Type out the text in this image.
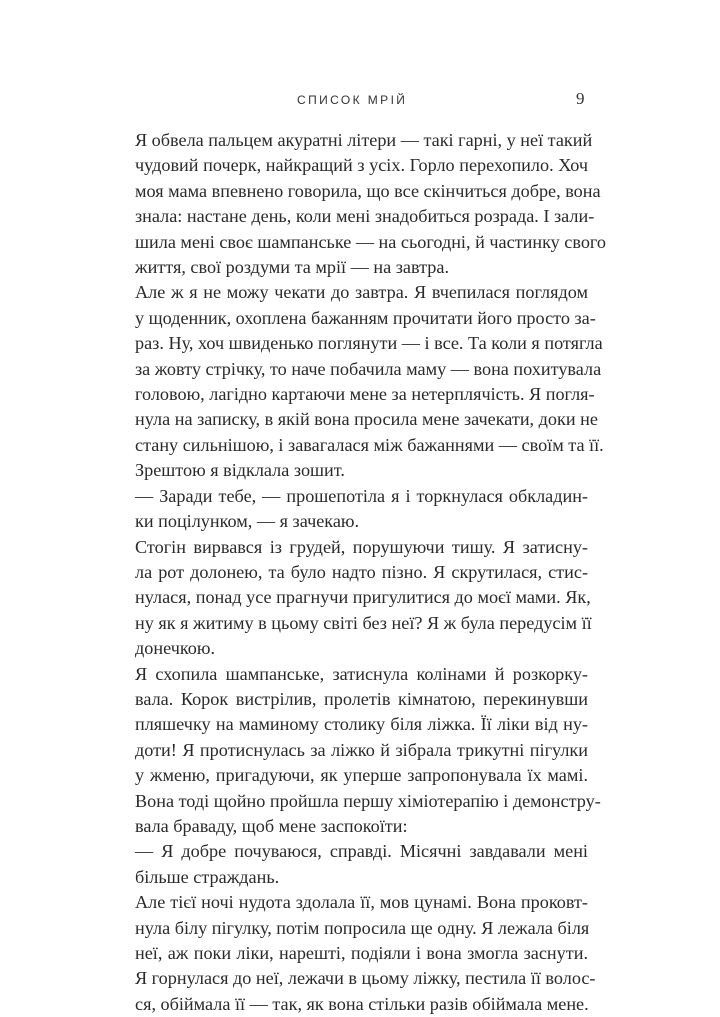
СПИСОК МРІЙ	9
Я обвела пальцем акуратні літери — такі гарні, у неї такий
чудовий почерк, найкращий з усіх. Горло перехопило. Хоч
моя мама впевнено говорила, що все скінчиться добре, вона
знала: настане день, коли мені знадобиться розрада. І зали-
шила мені своє шампанське — на сьогодні, й частинку свого
життя, свої роздуми та мрії — на завтра.
Але ж я не можу чекати до завтра. Я вчепилася поглядом
у щоденник, охоплена бажанням прочитати його просто за-
раз. Ну, хоч швиденько поглянути — і все. Та коли я потягла
за жовту стрічку, то наче побачила маму — вона похитувала
головою, лагідно картаючи мене за нетерплячість. Я погля-
нула на записку, в якій вона просила мене зачекати, доки не
стану сильнішою, і завагалася між бажаннями — своїм та її.
Зрештою я відклала зошит.
— Заради тебе, — прошепотіла я і торкнулася обкладин-
ки поцілунком, — я зачекаю.
Стогін вирвався із грудей, порушуючи тишу. Я затисну-
ла рот долонею, та було надто пізно. Я скрутилася, стис-
нулася, понад усе прагнучи пригулитися до моєї мами. Як,
ну як я житиму в цьому світі без неї? Я ж була передусім її
донечкою.
Я схопила шампанське, затиснула колінами й розкорку-
вала. Корок вистрілив, пролетів кімнатою, перекинувши
пляшечку на маминому столику біля ліжка. Її ліки від ну-
доти! Я протиснулась за ліжко й зібрала трикутні пігулки
у жменю, пригадуючи, як уперше запропонувала їх мамі.
Вона тоді щойно пройшла першу хіміотерапію і демонстру-
вала браваду, щоб мене заспокоїти:
— Я добре почуваюся, справді. Місячні завдавали мені
більше страждань.
Але тієї ночі нудота здолала її, мов цунамі. Вона проковт-
нула білу пігулку, потім попросила ще одну. Я лежала біля
неї, аж поки ліки, нарешті, подіяли і вона змогла заснути.
Я горнулася до неї, лежачи в цьому ліжку, пестила її волос-
ся, обіймала її — так, як вона стільки разів обіймала мене.
